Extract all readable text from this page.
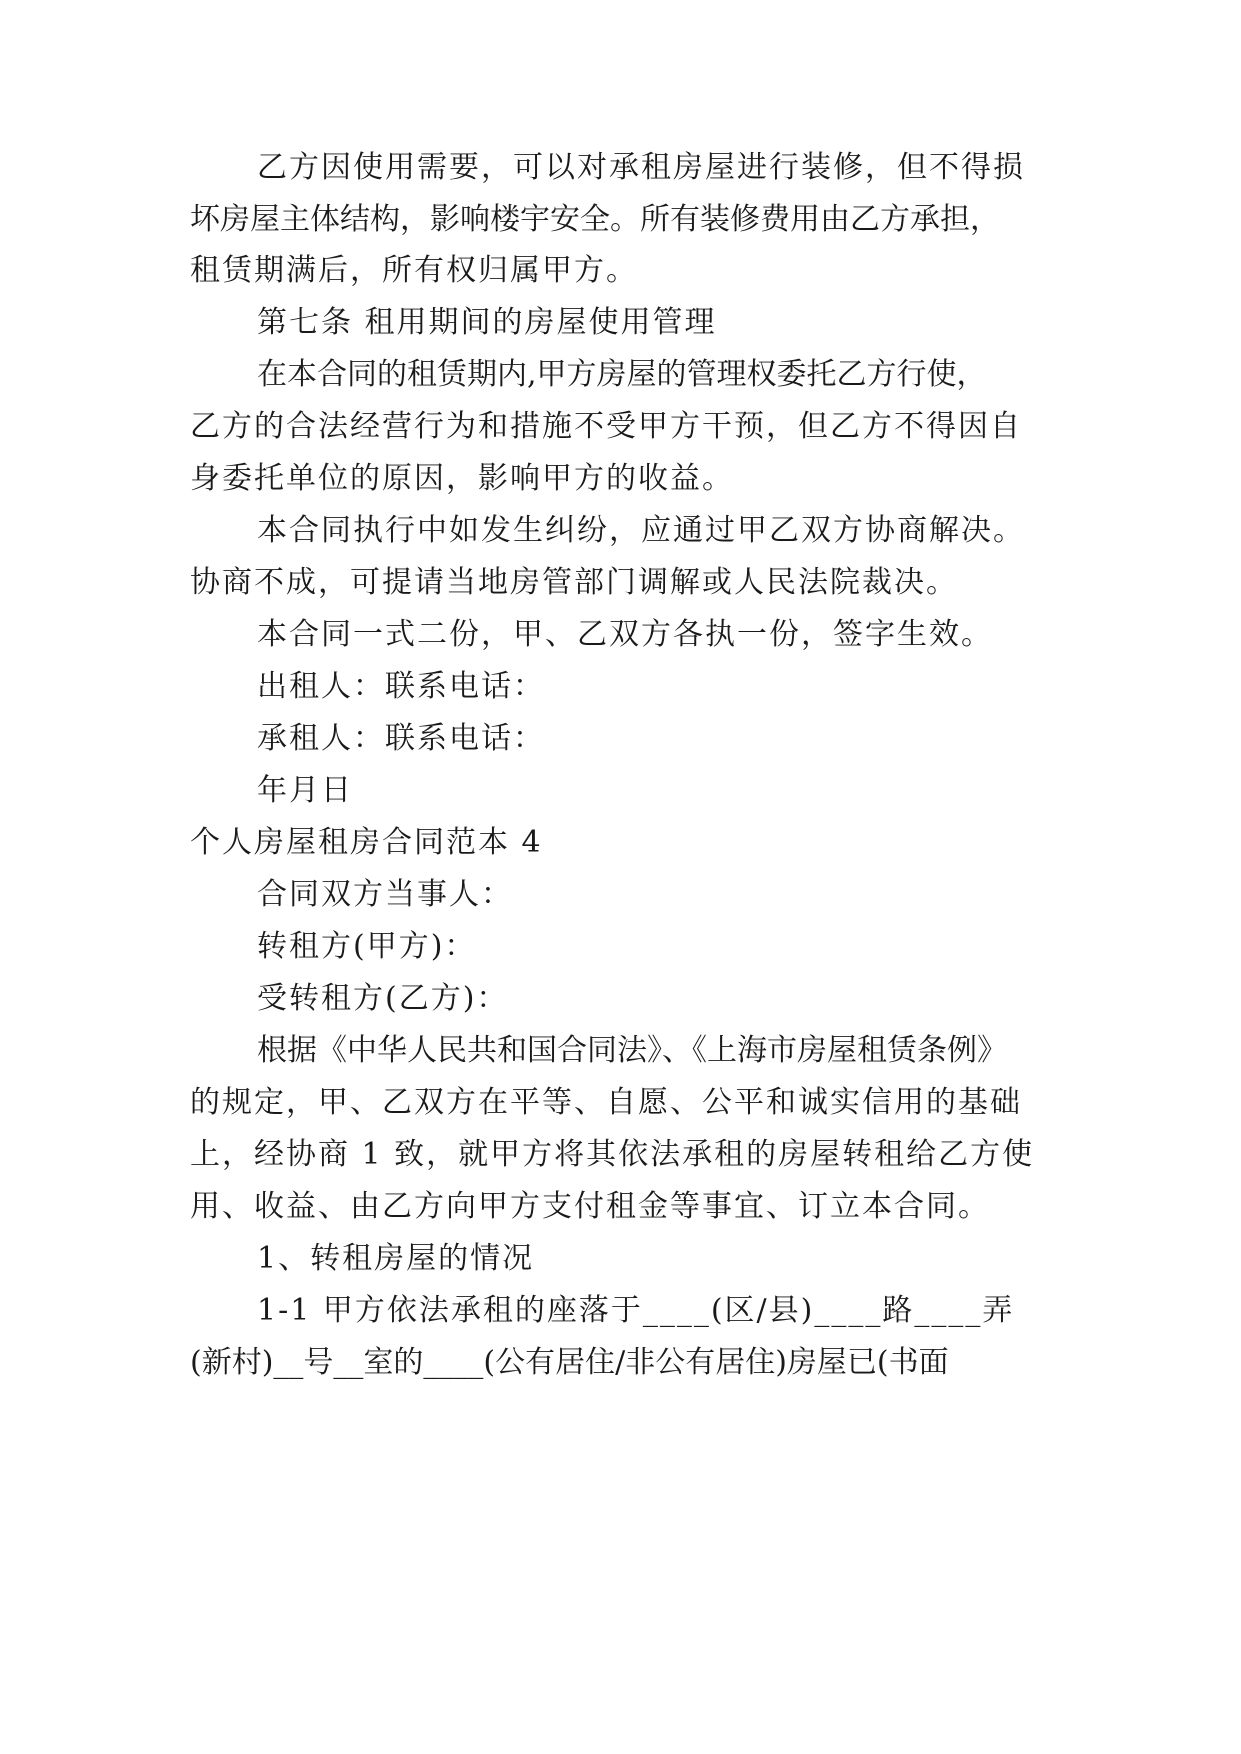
乙方因使用需要，可以对承租房屋进行装修，但不得损
坏房屋主体结构，影响楼宇安全。所有装修费用由乙方承担，
租赁期满后，所有权归属甲方。
第七条 租用期间的房屋使用管理
在本合同的租赁期内,甲方房屋的管理权委托乙方行使，
乙方的合法经营行为和措施不受甲方干预，但乙方不得因自
身委托单位的原因，影响甲方的收益。
本合同执行中如发生纠纷，应通过甲乙双方协商解决。
协商不成，可提请当地房管部门调解或人民法院裁决。
本合同一式二份，甲、乙双方各执一份，签字生效。
出租人：联系电话：
承租人：联系电话：
年月日
个人房屋租房合同范本 4
合同双方当事人：
转租方(甲方)：
受转租方(乙方)：
根据《中华人民共和国合同法》、《上海市房屋租赁条例》
的规定，甲、乙双方在平等、自愿、公平和诚实信用的基础
上，经协商 1 致，就甲方将其依法承租的房屋转租给乙方使
用、收益、由乙方向甲方支付租金等事宜、订立本合同。
1、转租房屋的情况
1-1 甲方依法承租的座落于____(区/县)____路____弄
(新村)__号__室的____(公有居住/非公有居住)房屋已(书面
